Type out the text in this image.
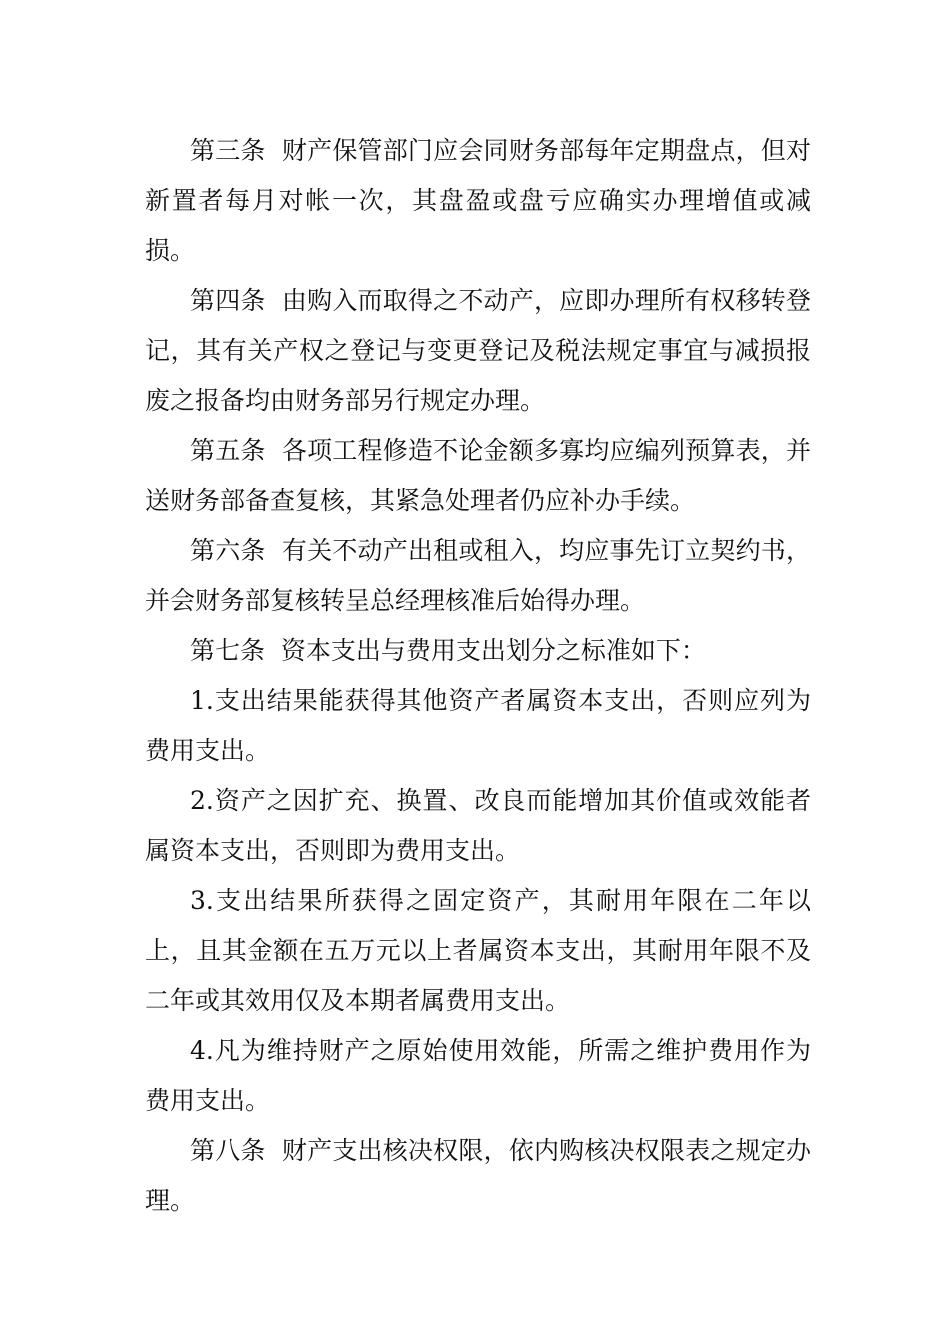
第三条  财产保管部门应会同财务部每年定期盘点，但对新置者每月对帐一次，其盘盈或盘亏应确实办理增值或减损。

第四条  由购入而取得之不动产，应即办理所有权移转登记，其有关产权之登记与变更登记及税法规定事宜与减损报废之报备均由财务部另行规定办理。

第五条  各项工程修造不论金额多寡均应编列预算表，并送财务部备查复核，其紧急处理者仍应补办手续。

第六条  有关不动产出租或租入，均应事先订立契约书，并会财务部复核转呈总经理核准后始得办理。

第七条  资本支出与费用支出划分之标准如下：

1.支出结果能获得其他资产者属资本支出，否则应列为费用支出。

2.资产之因扩充、换置、改良而能增加其价值或效能者属资本支出，否则即为费用支出。

3.支出结果所获得之固定资产，其耐用年限在二年以上，且其金额在五万元以上者属资本支出，其耐用年限不及二年或其效用仅及本期者属费用支出。

4.凡为维持财产之原始使用效能，所需之维护费用作为费用支出。

第八条  财产支出核决权限，依内购核决权限表之规定办理。
